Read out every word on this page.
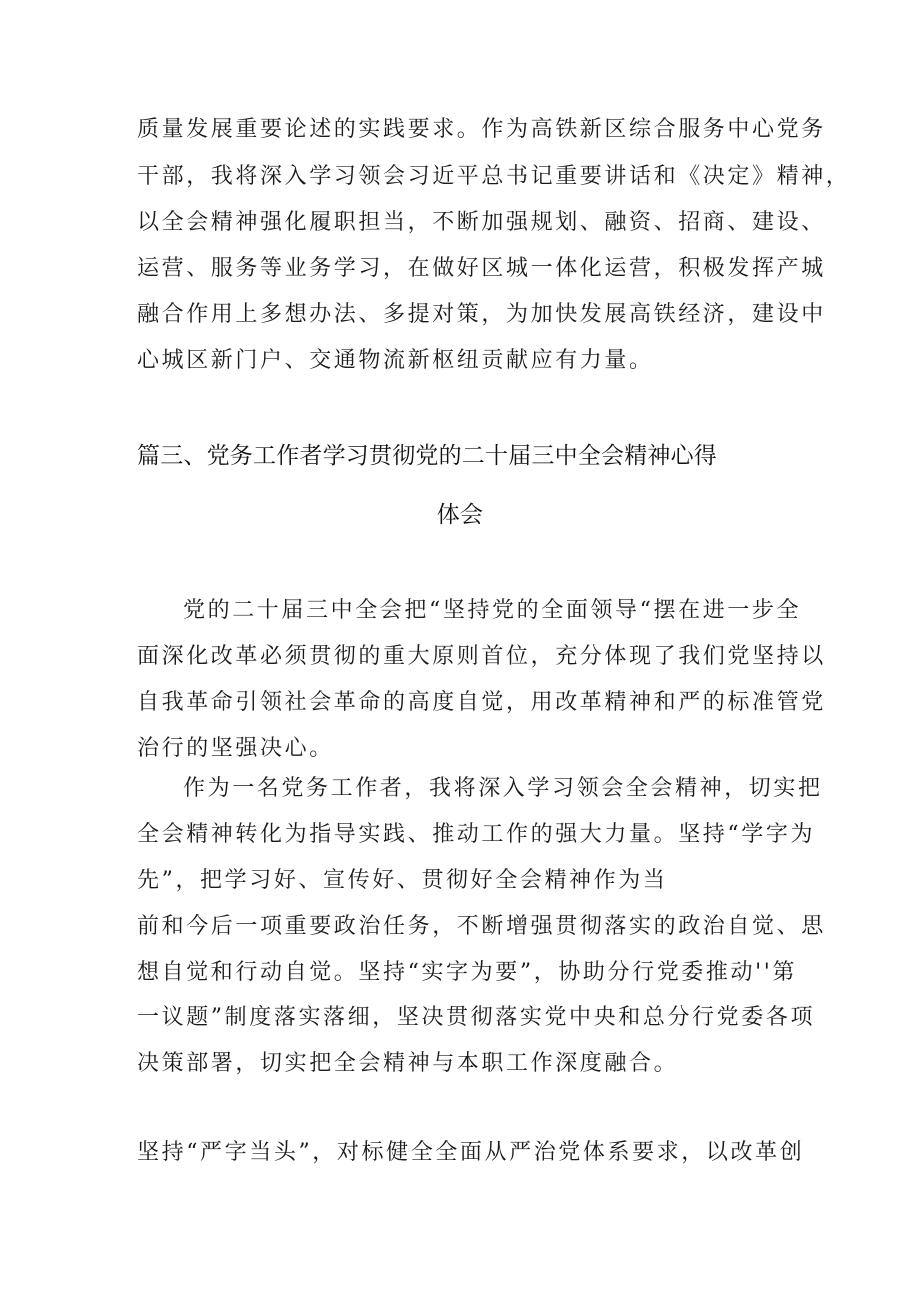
质量发展重要论述的实践要求。作为高铁新区综合服务中心党务
干部，我将深入学习领会习近平总书记重要讲话和《决定》精神，
以全会精神强化履职担当，不断加强规划、融资、招商、建设、
运营、服务等业务学习，在做好区城一体化运营，积极发挥产城
融合作用上多想办法、多提对策，为加快发展高铁经济，建设中
心城区新门户、交通物流新枢纽贡献应有力量。
篇三、党务工作者学习贯彻党的二十届三中全会精神心得
体会
党的二十届三中全会把“坚持党的全面领导“摆在进一步全
面深化改革必须贯彻的重大原则首位，充分体现了我们党坚持以
自我革命引领社会革命的高度自觉，用改革精神和严的标准管党
治行的坚强决心。
作为一名党务工作者，我将深入学习领会全会精神，切实把
全会精神转化为指导实践、推动工作的强大力量。坚持“学字为
先”，把学习好、宣传好、贯彻好全会精神作为当
前和今后一项重要政治任务，不断增强贯彻落实的政治自觉、思
想自觉和行动自觉。坚持“实字为要”，协助分行党委推动''第
一议题”制度落实落细，坚决贯彻落实党中央和总分行党委各项
决策部署，切实把全会精神与本职工作深度融合。
坚持“严字当头”，对标健全全面从严治党体系要求，以改革创
